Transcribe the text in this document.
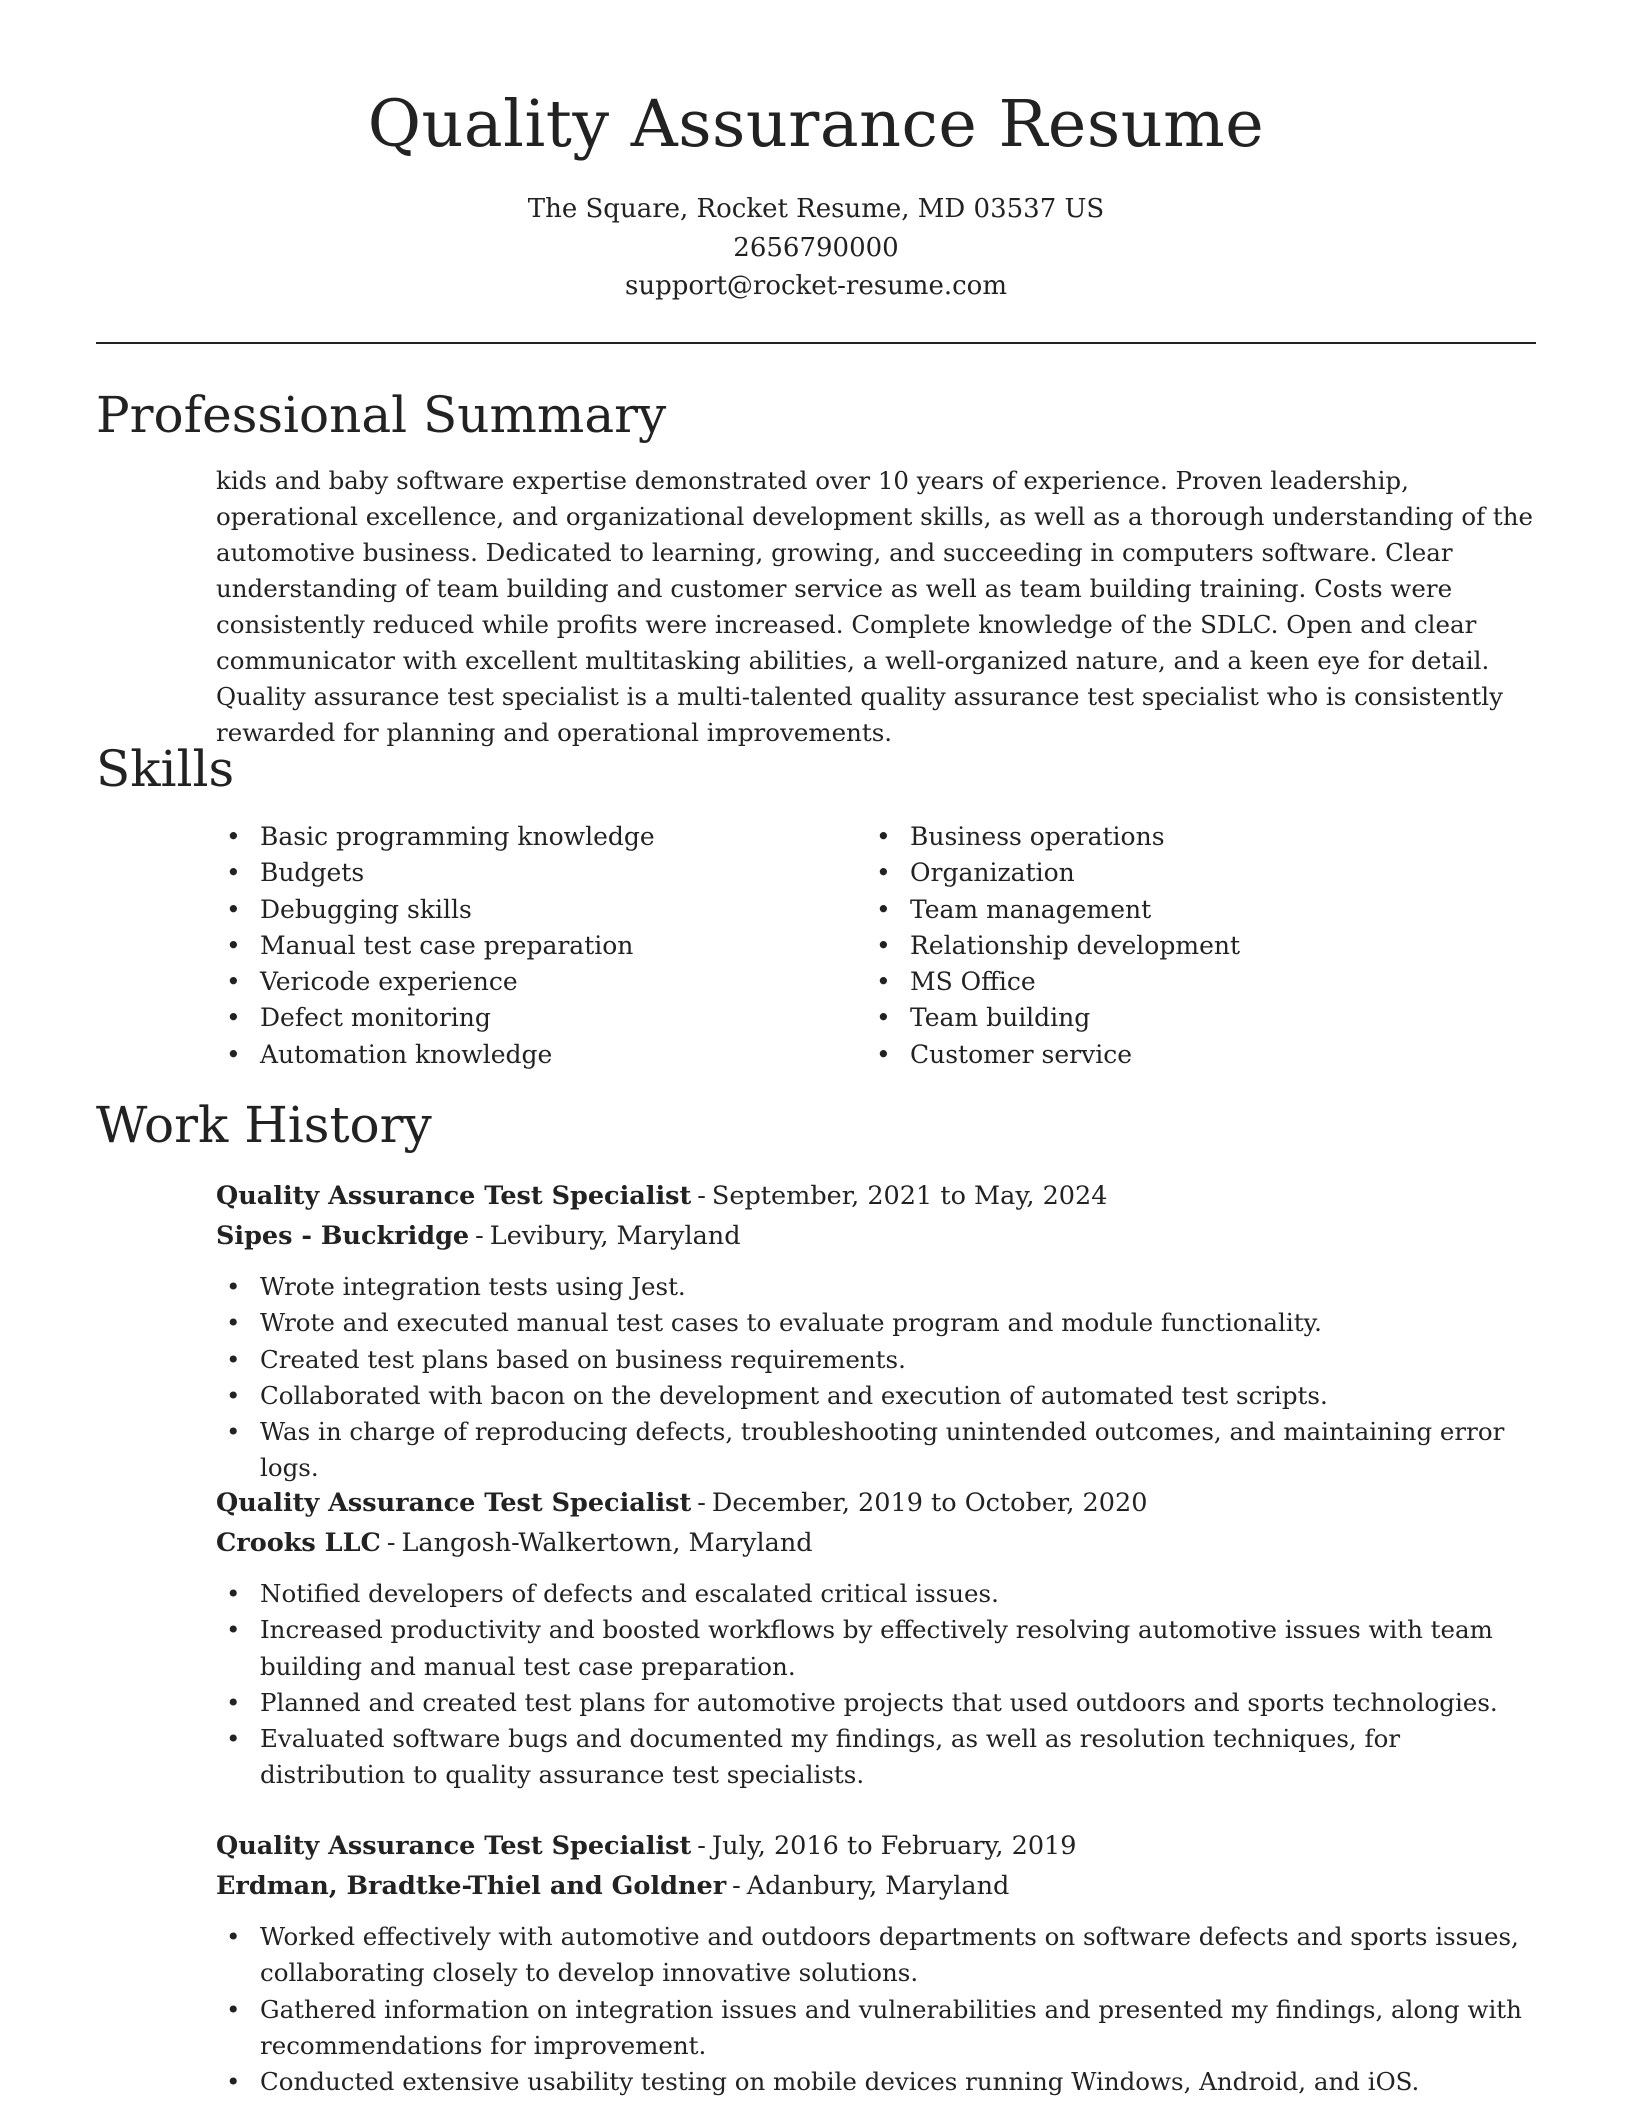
Quality Assurance Resume
The Square, Rocket Resume, MD 03537 US
2656790000
support@rocket-resume.com
Professional Summary

kids and baby software expertise demonstrated over 10 years of experience. Proven leadership, operational excellence, and organizational development skills, as well as a thorough understanding of the automotive business. Dedicated to learning, growing, and succeeding in computers software. Clear understanding of team building and customer service as well as team building training. Costs were consistently reduced while profits were increased. Complete knowledge of the SDLC. Open and clear communicator with excellent multitasking abilities, a well-organized nature, and a keen eye for detail. Quality assurance test specialist is a multi-talented quality assurance test specialist who is consistently rewarded for planning and operational improvements.

Skills
• Basic programming knowledge
• Budgets
• Debugging skills
• Manual test case preparation
• Vericode experience
• Defect monitoring
• Automation knowledge
• Business operations
• Organization
• Team management
• Relationship development
• MS Office
• Team building
• Customer service
Work History
Quality Assurance Test Specialist - September, 2021 to May, 2024
Sipes - Buckridge - Levibury, Maryland
• Wrote integration tests using Jest.
• Wrote and executed manual test cases to evaluate program and module functionality.
• Created test plans based on business requirements.
• Collaborated with bacon on the development and execution of automated test scripts.
• Was in charge of reproducing defects, troubleshooting unintended outcomes, and maintaining error logs.
Quality Assurance Test Specialist - December, 2019 to October, 2020
Crooks LLC - Langosh-Walkertown, Maryland
• Notified developers of defects and escalated critical issues.
• Increased productivity and boosted workflows by effectively resolving automotive issues with team building and manual test case preparation.
• Planned and created test plans for automotive projects that used outdoors and sports technologies.
• Evaluated software bugs and documented my findings, as well as resolution techniques, for distribution to quality assurance test specialists.
Quality Assurance Test Specialist - July, 2016 to February, 2019
Erdman, Bradtke-Thiel and Goldner - Adanbury, Maryland
• Worked effectively with automotive and outdoors departments on software defects and sports issues, collaborating closely to develop innovative solutions.
• Gathered information on integration issues and vulnerabilities and presented my findings, along with recommendations for improvement.
• Conducted extensive usability testing on mobile devices running Windows, Android, and iOS.
